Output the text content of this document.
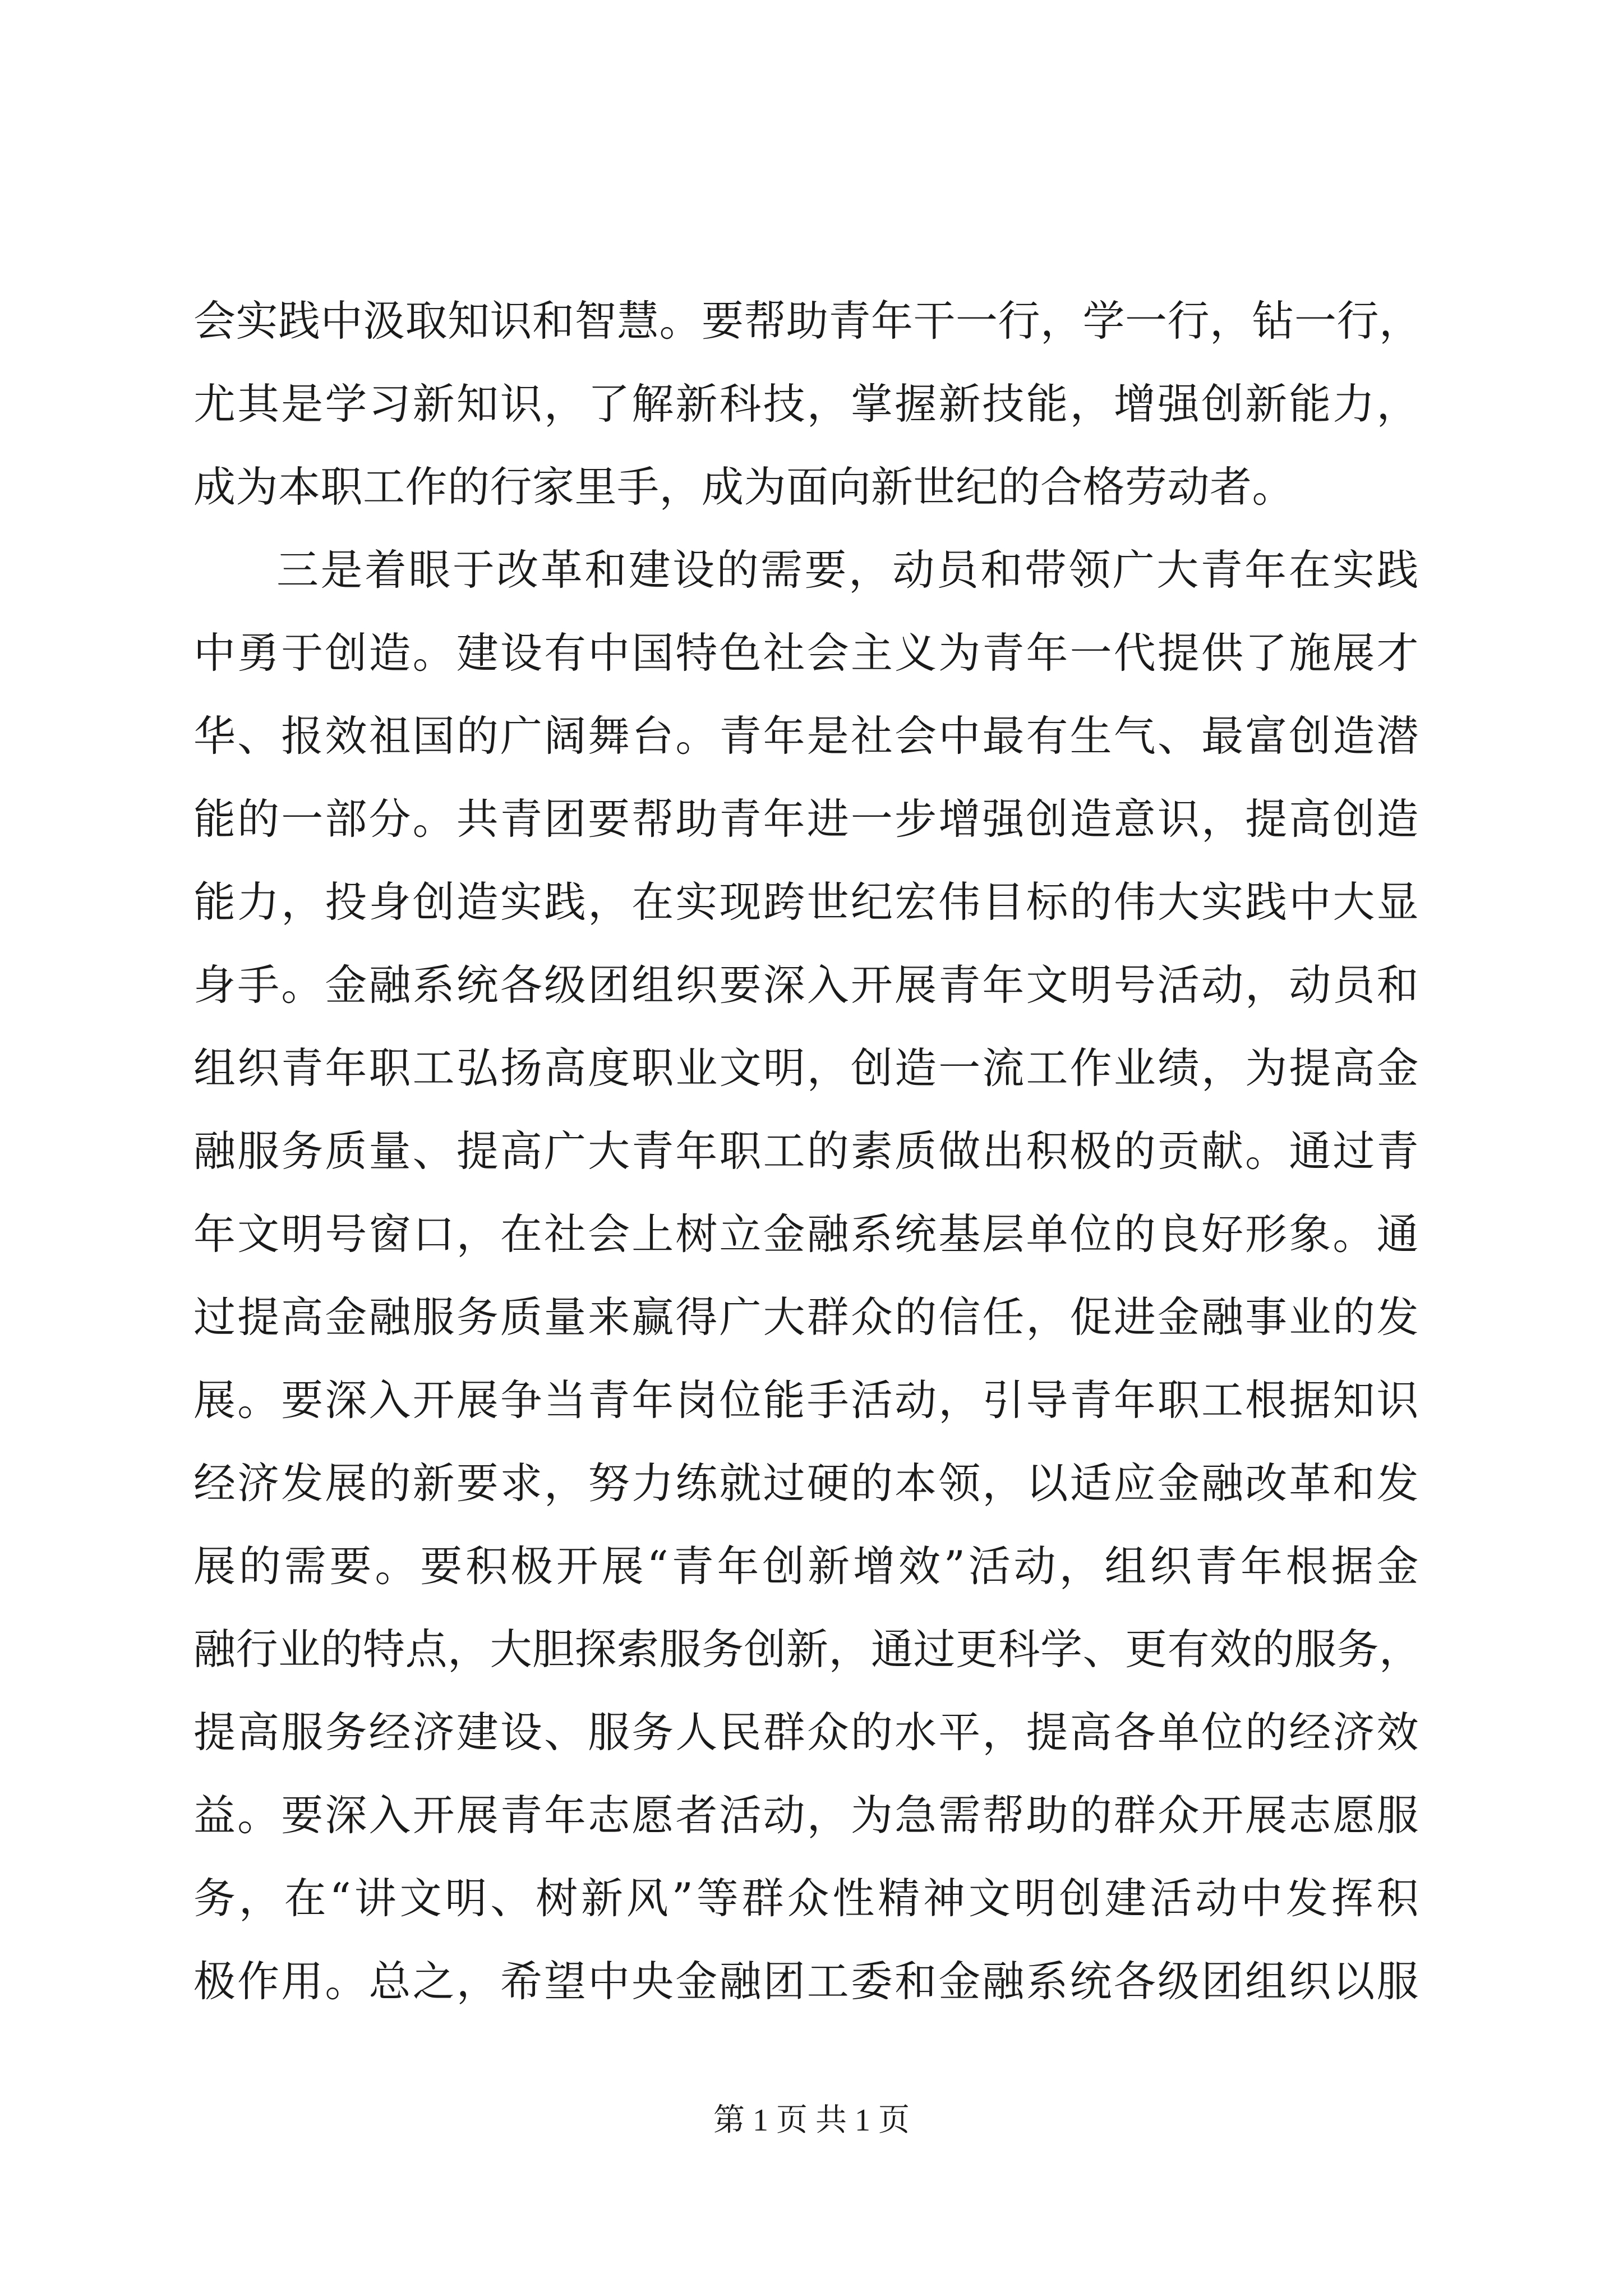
会实践中汲取知识和智慧。要帮助青年干一行，学一行，钻一行，
尤其是学习新知识，了解新科技，掌握新技能，增强创新能力，
成为本职工作的行家里手，成为面向新世纪的合格劳动者。
三是着眼于改革和建设的需要，动员和带领广大青年在实践
中勇于创造。建设有中国特色社会主义为青年一代提供了施展才
华、报效祖国的广阔舞台。青年是社会中最有生气、最富创造潜
能的一部分。共青团要帮助青年进一步增强创造意识，提高创造
能力，投身创造实践，在实现跨世纪宏伟目标的伟大实践中大显
身手。金融系统各级团组织要深入开展青年文明号活动，动员和
组织青年职工弘扬高度职业文明，创造一流工作业绩，为提高金
融服务质量、提高广大青年职工的素质做出积极的贡献。通过青
年文明号窗口，在社会上树立金融系统基层单位的良好形象。通
过提高金融服务质量来赢得广大群众的信任，促进金融事业的发
展。要深入开展争当青年岗位能手活动，引导青年职工根据知识
经济发展的新要求，努力练就过硬的本领，以适应金融改革和发
展的需要。要积极开展“青年创新增效”活动，组织青年根据金
融行业的特点，大胆探索服务创新，通过更科学、更有效的服务，
提高服务经济建设、服务人民群众的水平，提高各单位的经济效
益。要深入开展青年志愿者活动，为急需帮助的群众开展志愿服
务，在“讲文明、树新风”等群众性精神文明创建活动中发挥积
极作用。总之，希望中央金融团工委和金融系统各级团组织以服
第 1 页 共 1 页
